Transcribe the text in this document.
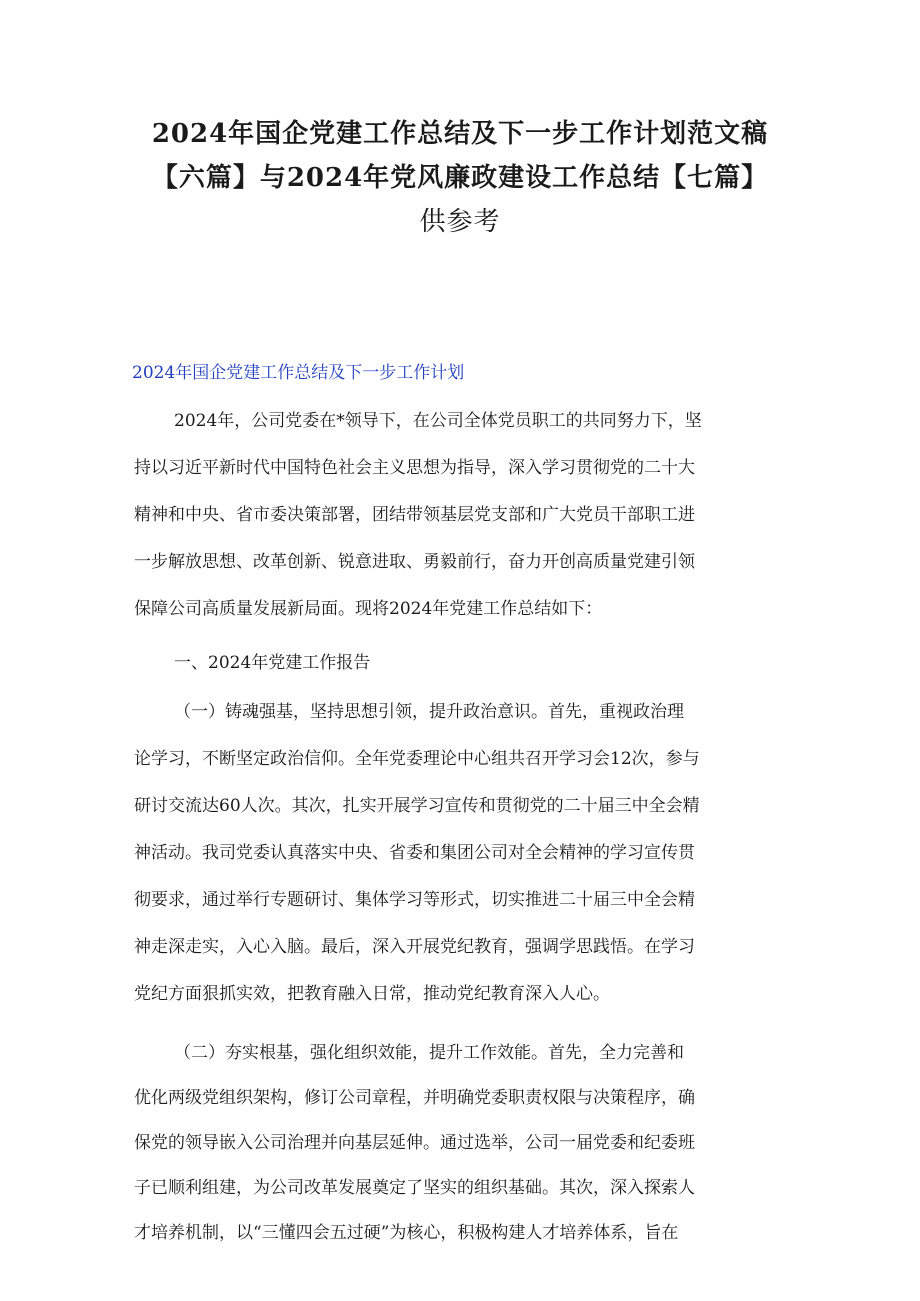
2024年国企党建工作总结及下一步工作计划范文稿
【六篇】与2024年党风廉政建设工作总结【七篇】
供参考
2024年国企党建工作总结及下一步工作计划
2024年，公司党委在*领导下，在公司全体党员职工的共同努力下，坚
持以习近平新时代中国特色社会主义思想为指导，深入学习贯彻党的二十大
精神和中央、省市委决策部署，团结带领基层党支部和广大党员干部职工进
一步解放思想、改革创新、锐意进取、勇毅前行，奋力开创高质量党建引领
保障公司高质量发展新局面。现将2024年党建工作总结如下：
一、2024年党建工作报告
（一）铸魂强基，坚持思想引领，提升政治意识。首先，重视政治理
论学习，不断坚定政治信仰。全年党委理论中心组共召开学习会12次，参与
研讨交流达60人次。其次，扎实开展学习宣传和贯彻党的二十届三中全会精
神活动。我司党委认真落实中央、省委和集团公司对全会精神的学习宣传贯
彻要求，通过举行专题研讨、集体学习等形式，切实推进二十届三中全会精
神走深走实，入心入脑。最后，深入开展党纪教育，强调学思践悟。在学习
党纪方面狠抓实效，把教育融入日常，推动党纪教育深入人心。
（二）夯实根基，强化组织效能，提升工作效能。首先，全力完善和
优化两级党组织架构，修订公司章程，并明确党委职责权限与决策程序，确
保党的领导嵌入公司治理并向基层延伸。通过选举，公司一届党委和纪委班
子已顺利组建，为公司改革发展奠定了坚实的组织基础。其次，深入探索人
才培养机制，以“三懂四会五过硬”为核心，积极构建人才培养体系，旨在
